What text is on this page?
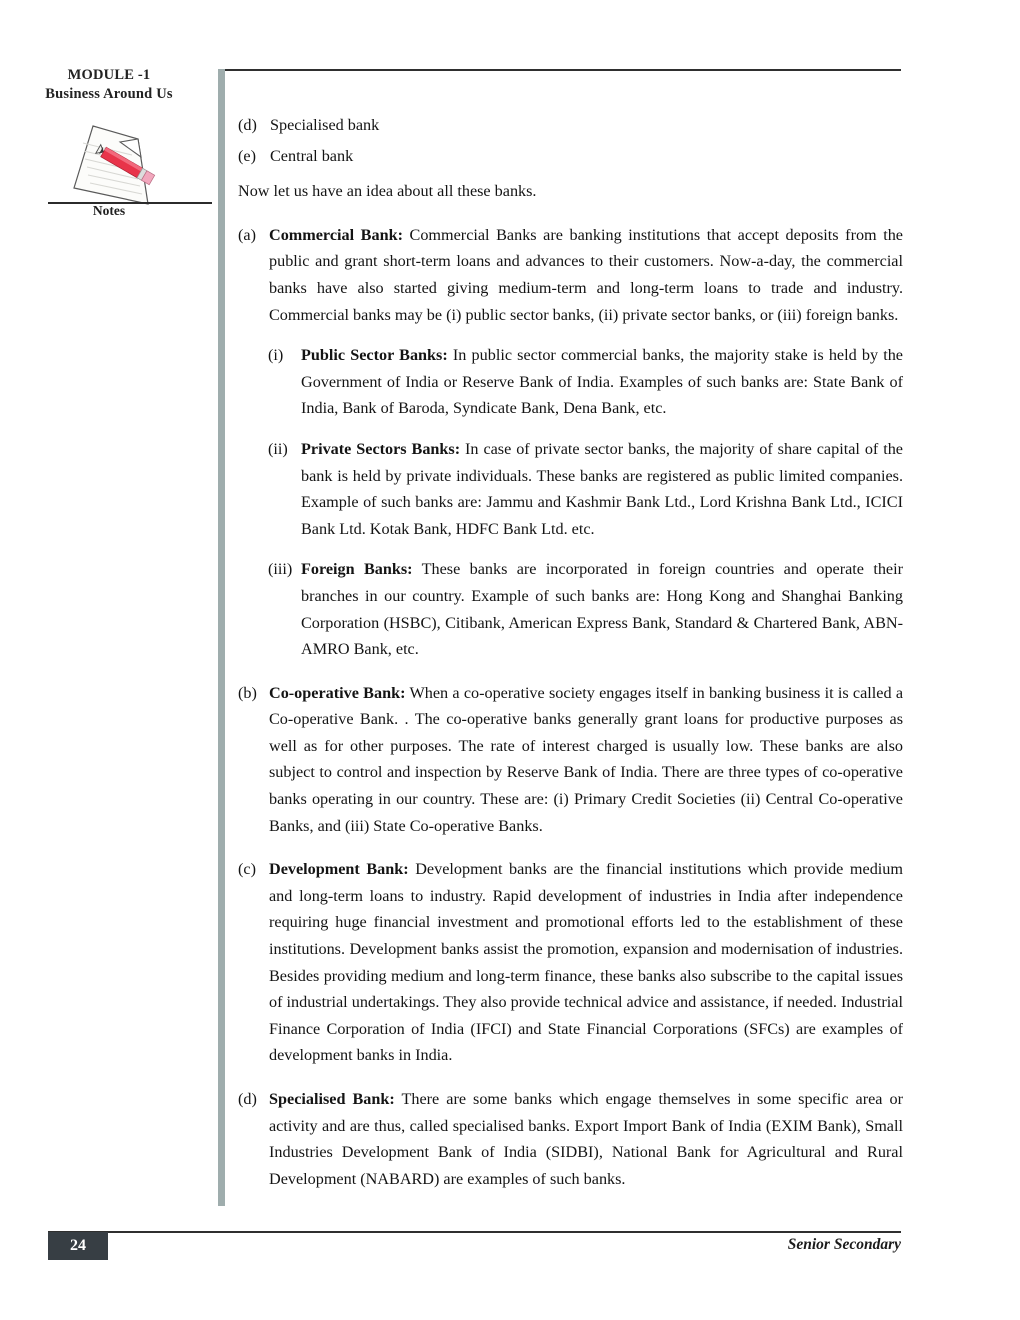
MODULE -1
Business Around Us
Notes
(d) Specialised bank
(e) Central bank

Now let us have an idea about all these banks.

(a) Commercial Bank: Commercial Banks are banking institutions that accept deposits from the public and grant short-term loans and advances to their customers. Now-a-day, the commercial banks have also started giving medium-term and long-term loans to trade and industry. Commercial banks may be (i) public sector banks, (ii) private sector banks, or (iii) foreign banks.
(i) Public Sector Banks: In public sector commercial banks, the majority stake is held by the Government of India or Reserve Bank of India. Examples of such banks are: State Bank of India, Bank of Baroda, Syndicate Bank, Dena Bank, etc.
(ii) Private Sectors Banks: In case of private sector banks, the majority of share capital of the bank is held by private individuals. These banks are registered as public limited companies. Example of such banks are: Jammu and Kashmir Bank Ltd., Lord Krishna Bank Ltd., ICICI Bank Ltd. Kotak Bank, HDFC Bank Ltd. etc.
(iii) Foreign Banks: These banks are incorporated in foreign countries and operate their branches in our country. Example of such banks are: Hong Kong and Shanghai Banking Corporation (HSBC), Citibank, American Express Bank, Standard & Chartered Bank, ABN-AMRO Bank, etc.
(b) Co-operative Bank: When a co-operative society engages itself in banking business it is called a Co-operative Bank. . The co-operative banks generally grant loans for productive purposes as well as for other purposes. The rate of interest charged is usually low. These banks are also subject to control and inspection by Reserve Bank of India. There are three types of co-operative banks operating in our country. These are: (i) Primary Credit Societies (ii) Central Co-operative Banks, and (iii) State Co-operative Banks.
(c) Development Bank: Development banks are the financial institutions which provide medium and long-term loans to industry. Rapid development of industries in India after independence requiring huge financial investment and promotional efforts led to the establishment of these institutions. Development banks assist the promotion, expansion and modernisation of industries. Besides providing medium and long-term finance, these banks also subscribe to the capital issues of industrial undertakings. They also provide technical advice and assistance, if needed. Industrial Finance Corporation of India (IFCI) and State Financial Corporations (SFCs) are examples of development banks in India.
(d) Specialised Bank: There are some banks which engage themselves in some specific area or activity and are thus, called specialised banks. Export Import Bank of India (EXIM Bank), Small Industries Development Bank of India (SIDBI), National Bank for Agricultural and Rural Development (NABARD) are examples of such banks.
24	Senior Secondary
